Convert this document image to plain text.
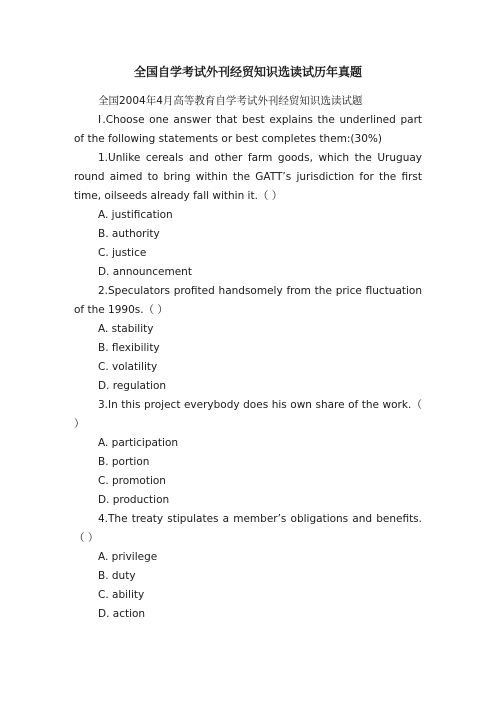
全国自学考试外刊经贸知识选读试历年真题

全国2004年4月高等教育自学考试外刊经贸知识选读试题

Ⅰ.Choose one answer that best explains the underlined part of the following statements or best completes them:(30%)

1.Unlike cereals and other farm goods, which the Uruguay round aimed to bring within the GATT’s jurisdiction for the first time, oilseeds already fall within it.（ ）

A. justification

B. authority

C. justice

D. announcement

2.Speculators profited handsomely from the price fluctuation of the 1990s.（ ）

A. stability

B. flexibility

C. volatility

D. regulation

3.In this project everybody does his own share of the work.（ ）

A. participation

B. portion

C. promotion

D. production

4.The treaty stipulates a member’s obligations and benefits.（ ）

A. privilege

B. duty

C. ability

D. action
